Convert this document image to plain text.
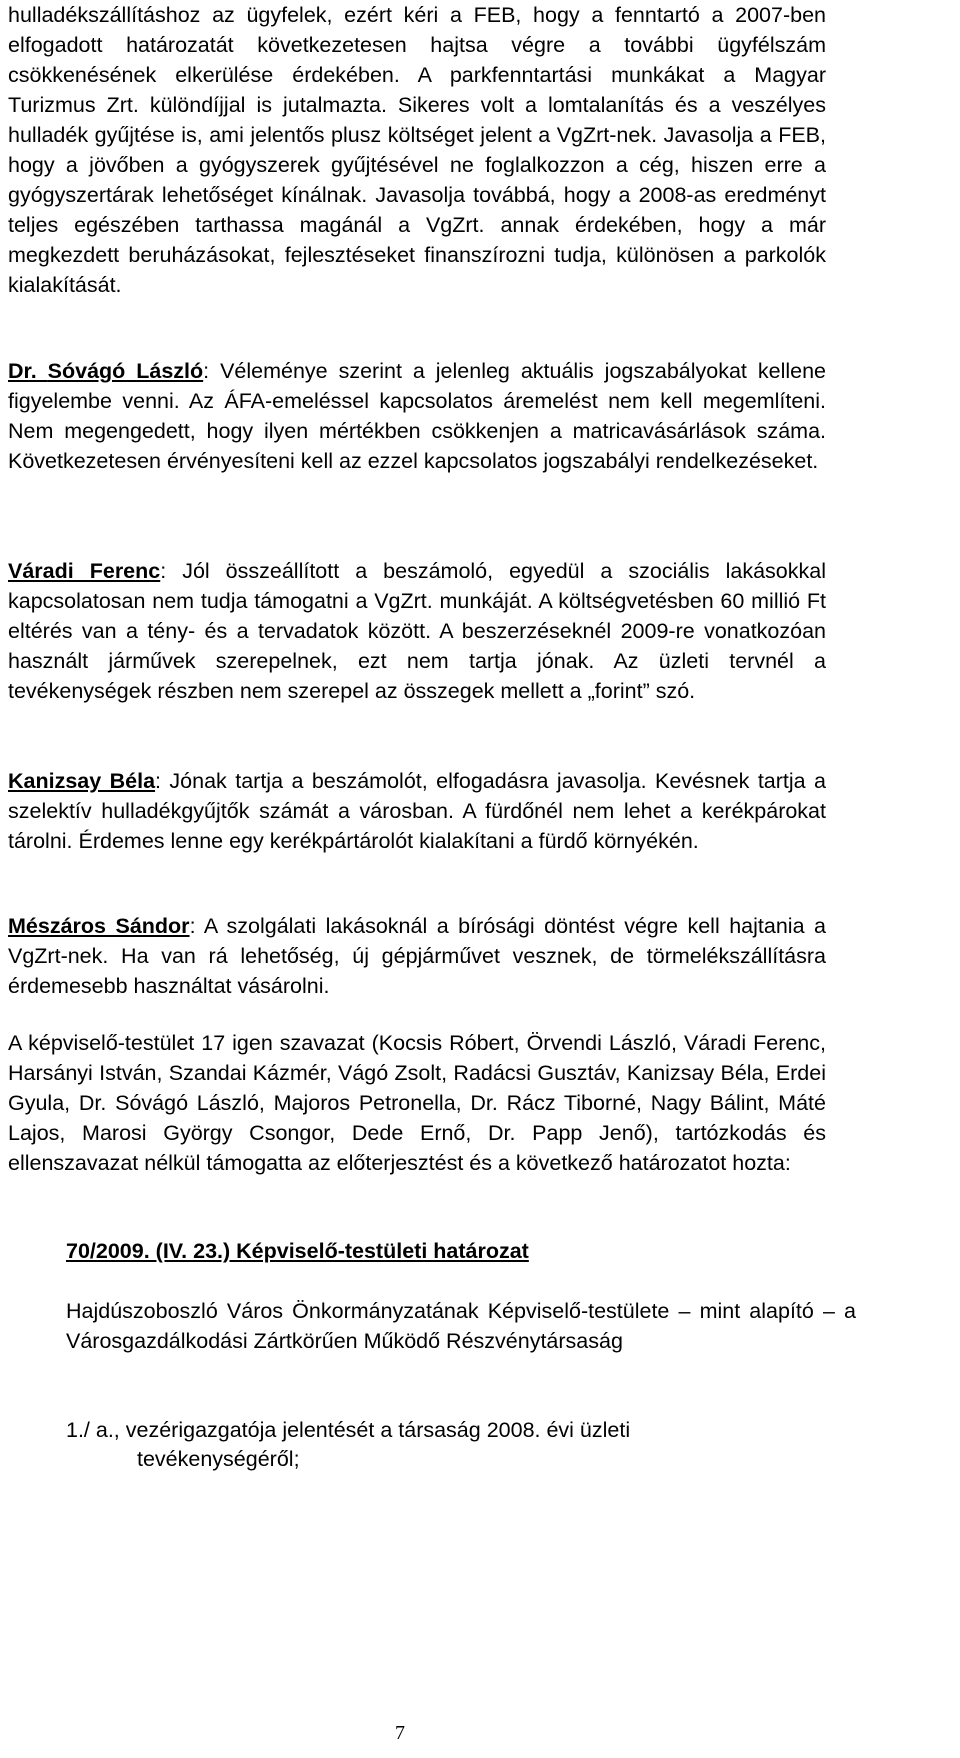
hulladékszállításhoz az ügyfelek, ezért kéri a FEB, hogy a fenntartó a 2007-ben elfogadott határozatát következetesen hajtsa végre a további ügyfélszám csökkenésének elkerülése érdekében. A parkfenntartási munkákat a Magyar Turizmus Zrt. különdíjjal is jutalmazta. Sikeres volt a lomtalanítás és a veszélyes hulladék gyűjtése is, ami jelentős plusz költséget jelent a VgZrt-nek. Javasolja a FEB, hogy a jövőben a gyógyszerek gyűjtésével ne foglalkozzon a cég, hiszen erre a gyógyszertárak lehetőséget kínálnak. Javasolja továbbá, hogy a 2008-as eredményt teljes egészében tarthassa magánál a VgZrt. annak érdekében, hogy a már megkezdett beruházásokat, fejlesztéseket finanszírozni tudja, különösen a parkolók kialakítását.

Dr. Sóvágó László: Véleménye szerint a jelenleg aktuális jogszabályokat kellene figyelembe venni. Az ÁFA-emeléssel kapcsolatos áremelést nem kell megemlíteni. Nem megengedett, hogy ilyen mértékben csökkenjen a matricavásárlások száma. Következetesen érvényesíteni kell az ezzel kapcsolatos jogszabályi rendelkezéseket.

Váradi Ferenc: Jól összeállított a beszámoló, egyedül a szociális lakásokkal kapcsolatosan nem tudja támogatni a VgZrt. munkáját. A költségvetésben 60 millió Ft eltérés van a tény- és a tervadatok között. A beszerzéseknél 2009-re vonatkozóan használt járművek szerepelnek, ezt nem tartja jónak. Az üzleti tervnél a tevékenységek részben nem szerepel az összegek mellett a „forint” szó.

Kanizsay Béla: Jónak tartja a beszámolót, elfogadásra javasolja. Kevésnek tartja a szelektív hulladékgyűjtők számát a városban. A fürdőnél nem lehet a kerékpárokat tárolni. Érdemes lenne egy kerékpártárolót kialakítani a fürdő környékén.

Mészáros Sándor: A szolgálati lakásoknál a bírósági döntést végre kell hajtania a VgZrt-nek. Ha van rá lehetőség, új gépjárművet vesznek, de törmelékszállításra érdemesebb használtat vásárolni.

A képviselő-testület 17 igen szavazat (Kocsis Róbert, Örvendi László, Váradi Ferenc, Harsányi István, Szandai Kázmér, Vágó Zsolt, Radácsi Gusztáv, Kanizsay Béla, Erdei Gyula, Dr. Sóvágó László, Majoros Petronella, Dr. Rácz Tiborné, Nagy Bálint, Máté Lajos, Marosi György Csongor, Dede Ernő, Dr. Papp Jenő), tartózkodás és ellenszavazat nélkül támogatta az előterjesztést és a következő határozatot hozta:

70/2009. (IV. 23.) Képviselő-testületi határozat

Hajdúszoboszló Város Önkormányzatának Képviselő-testülete – mint alapító – a Városgazdálkodási Zártkörűen Működő Részvénytársaság

1./ a., vezérigazgatója jelentését a társaság 2008. évi üzleti

tevékenységéről;

7
